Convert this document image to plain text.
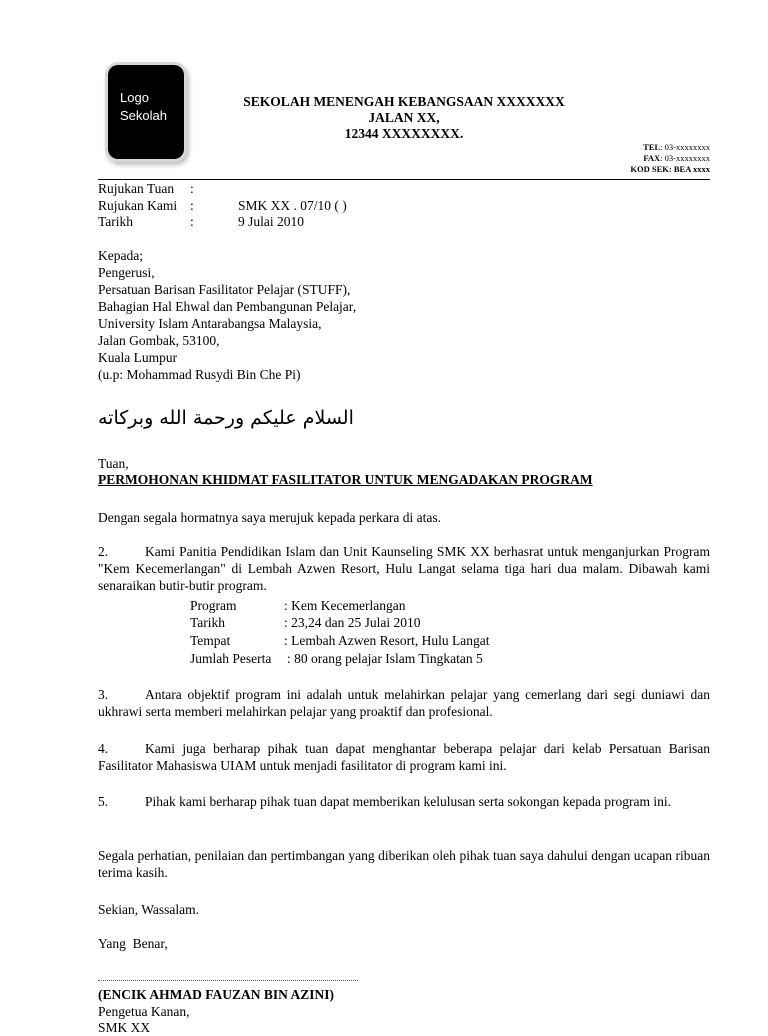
Logo
Sekolah
SEKOLAH MENENGAH KEBANGSAAN XXXXXXX
JALAN XX,
12344 XXXXXXXX.
TEL: 03-xxxxxxxx
FAX: 03-xxxxxxxx
KOD SEK: BEA xxxx
Rujukan Tuan :
Rujukan Kami :	SMK XX . 07/10 ( )
Tarikh	:	9 Julai 2010

Kepada;

Pengerusi,

Persatuan Barisan Fasilitator Pelajar (STUFF),

Bahagian Hal Ehwal dan Pembangunan Pelajar,

University Islam Antarabangsa Malaysia,

Jalan Gombak, 53100,

Kuala Lumpur

(u.p: Mohammad Rusydi Bin Che Pi)

السلام عليكم ورحمة الله وبركاته
Tuan,
PERMOHONAN KHIDMAT FASILITATOR UNTUK MENGADAKAN PROGRAM
Dengan segala hormatnya saya merujuk kepada perkara di atas.
2.	Kami Panitia Pendidikan Islam dan Unit Kaunseling SMK XX berhasrat untuk menganjurkan Program "Kem Kecemerlangan" di Lembah Azwen Resort, Hulu Langat selama tiga hari dua malam. Dibawah kami senaraikan butir-butir program.
Program	: Kem Kecemerlangan
Tarikh	: 23,24 dan 25 Julai 2010
Tempat	: Lembah Azwen Resort, Hulu Langat
Jumlah Peserta : 80 orang pelajar Islam Tingkatan 5
3.	Antara objektif program ini adalah untuk melahirkan pelajar yang cemerlang dari segi duniawi dan ukhrawi serta memberi melahirkan pelajar yang proaktif dan profesional.
4.	Kami juga berharap pihak tuan dapat menghantar beberapa pelajar dari kelab Persatuan Barisan Fasilitator Mahasiswa UIAM untuk menjadi fasilitator di program kami ini.
5.	Pihak kami berharap pihak tuan dapat memberikan kelulusan serta sokongan kepada program ini.
Segala perhatian, penilaian dan pertimbangan yang diberikan oleh pihak tuan saya dahului dengan ucapan ribuan terima kasih.
Sekian, Wassalam.
Yang  Benar,
(ENCIK AHMAD FAUZAN BIN AZINI)
Pengetua Kanan,
SMK XX
